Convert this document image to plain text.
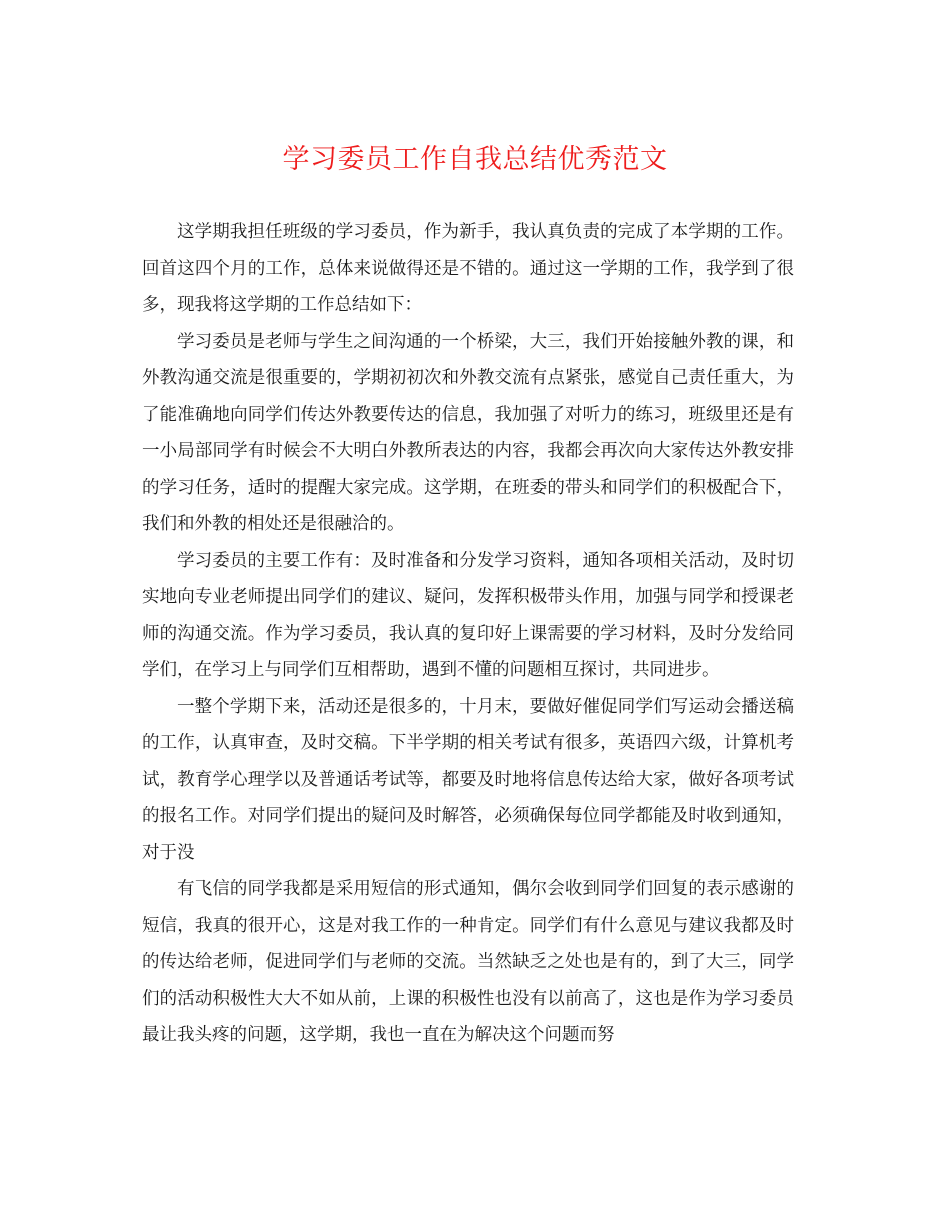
学习委员工作自我总结优秀范文

这学期我担任班级的学习委员，作为新手，我认真负责的完成了本学期的工作。回首这四个月的工作，总体来说做得还是不错的。通过这一学期的工作，我学到了很多，现我将这学期的工作总结如下：

学习委员是老师与学生之间沟通的一个桥梁，大三，我们开始接触外教的课，和外教沟通交流是很重要的，学期初初次和外教交流有点紧张，感觉自己责任重大，为了能准确地向同学们传达外教要传达的信息，我加强了对听力的练习，班级里还是有一小局部同学有时候会不大明白外教所表达的内容，我都会再次向大家传达外教安排的学习任务，适时的提醒大家完成。这学期，在班委的带头和同学们的积极配合下，我们和外教的相处还是很融洽的。

学习委员的主要工作有：及时准备和分发学习资料，通知各项相关活动，及时切实地向专业老师提出同学们的建议、疑问，发挥积极带头作用，加强与同学和授课老师的沟通交流。作为学习委员，我认真的复印好上课需要的学习材料，及时分发给同学们，在学习上与同学们互相帮助，遇到不懂的问题相互探讨，共同进步。

一整个学期下来，活动还是很多的，十月末，要做好催促同学们写运动会播送稿的工作，认真审查，及时交稿。下半学期的相关考试有很多，英语四六级，计算机考试，教育学心理学以及普通话考试等，都要及时地将信息传达给大家，做好各项考试的报名工作。对同学们提出的疑问及时解答，必须确保每位同学都能及时收到通知，对于没

有飞信的同学我都是采用短信的形式通知，偶尔会收到同学们回复的表示感谢的短信，我真的很开心，这是对我工作的一种肯定。同学们有什么意见与建议我都及时的传达给老师，促进同学们与老师的交流。当然缺乏之处也是有的，到了大三，同学们的活动积极性大大不如从前，上课的积极性也没有以前高了，这也是作为学习委员最让我头疼的问题，这学期，我也一直在为解决这个问题而努
